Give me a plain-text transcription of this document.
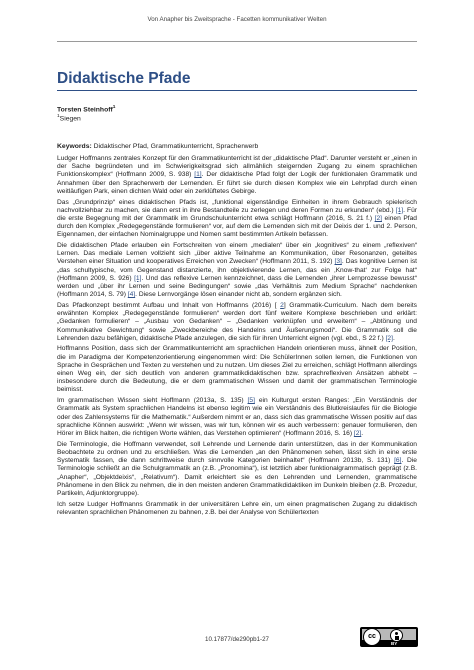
Von Anapher bis Zweitsprache - Facetten kommunikativer Welten
Didaktische Pfade
Torsten Steinhoff$^1$
$^1$Siegen
Keywords: Didaktischer Pfad, Grammatikunterricht, Spracherwerb

Ludger Hoffmanns zentrales Konzept für den Grammatikunterricht ist der „didaktische Pfad“. Darunter versteht er „einen in der Sache begründeten und im Schwierigkeitsgrad sich allmählich steigernden Zugang zu einem sprachlichen Funktionskomplex“ (Hoffmann 2009, S. 938) [1]. Der didaktische Pfad folgt der Logik der funktionalen Grammatik und Annahmen über den Spracherwerb der Lernenden. Er führt sie durch diesen Komplex wie ein Lehrpfad durch einen weitläufigen Park, einen dichten Wald oder ein zerklüftetes Gebirge.

Das „Grundprinzip“ eines didaktischen Pfads ist, „funktional eigenständige Einheiten in ihrem Gebrauch spielerisch nachvollziehbar zu machen, sie dann erst in ihre Bestandteile zu zerlegen und deren Formen zu erkunden“ (ebd.) [1]. Für die erste Begegnung mit der Grammatik im Grundschulunterricht etwa schlägt Hoffmann (2016, S. 21 f.) [2] einen Pfad durch den Komplex „Redegegenstände formulieren“ vor, auf dem die Lernenden sich mit der Deixis der 1. und 2. Person, Eigennamen, der einfachen Nominalgruppe und Nomen samt bestimmten Artikeln befassen.

Die didaktischen Pfade erlauben ein Fortschreiten von einem „medialen“ über ein „kognitives“ zu einem „reflexiven“ Lernen. Das mediale Lernen vollzieht sich „über aktive Teilnahme an Kommunikation, über Resonanzen, geteiltes Verstehen einer Situation und kooperatives Erreichen von Zwecken“ (Hoffmann 2011, S. 192) [3]. Das kognitive Lernen ist „das schultypische, vom Gegenstand distanzierte, ihn objektivierende Lernen, das ein ‚Know-that‘ zur Folge hat“ (Hoffmann 2009, S. 926) [1]. Und das reflexive Lernen kennzeichnet, dass die Lernenden „ihrer Lernprozesse bewusst“ werden und „über ihr Lernen und seine Bedingungen“ sowie „das Verhältnis zum Medium Sprache“ nachdenken (Hoffmann 2014, S. 79) [4]. Diese Lernvorgänge lösen einander nicht ab, sondern ergänzen sich.

Das Pfadkonzept bestimmt Aufbau und Inhalt von Hoffmanns (2016) [ 2] Grammatik-Curriculum. Nach dem bereits erwähnten Komplex „Redegegenstände formulieren“ werden dort fünf weitere Komplexe beschrieben und erklärt: „Gedanken formulieren“ – „Ausbau von Gedanken“ – „Gedanken verknüpfen und erweitern“ – „Abtönung und Kommunikative Gewichtung“ sowie „Zweckbereiche des Handelns und Äußerungsmodi“. Die Grammatik soll die Lehrenden dazu befähigen, didaktische Pfade anzulegen, die sich für ihren Unterricht eignen (vgl. ebd., S 22 f.) [2].

Hoffmanns Position, dass sich der Grammatikunterricht am sprachlichen Handeln orientieren muss, ähnelt der Position, die im Paradigma der Kompetenzorientierung eingenommen wird: Die SchülerInnen sollen lernen, die Funktionen von Sprache in Gesprächen und Texten zu verstehen und zu nutzen. Um dieses Ziel zu erreichen, schlägt Hoffmann allerdings einen Weg ein, der sich deutlich von anderen grammatikdidaktischen bzw. sprachreflexiven Ansätzen abhebt – insbesondere durch die Bedeutung, die er dem grammatischen Wissen und damit der grammatischen Terminologie beimisst.

Im grammatischen Wissen sieht Hoffmann (2013a, S. 135) [5] ein Kulturgut ersten Ranges: „Ein Verständnis der Grammatik als System sprachlichen Handelns ist ebenso legitim wie ein Verständnis des Blutkreislaufes für die Biologie oder des Zahlensystems für die Mathematik.“ Außerdem nimmt er an, dass sich das grammatische Wissen positiv auf das sprachliche Können auswirkt: „Wenn wir wissen, was wir tun, können wir es auch verbessern: genauer formulieren, den Hörer im Blick halten, die richtigen Worte wählen, das Verstehen optimieren“ (Hoffmann 2016, S. 16) [2].

Die Terminologie, die Hoffmann verwendet, soll Lehrende und Lernende darin unterstützen, das in der Kommunikation Beobachtete zu ordnen und zu erschließen. Was die Lernenden „an den Phänomenen sehen, lässt sich in eine erste Systematik fassen, die dann schrittweise durch sinnvolle Kategorien beinhaltet“ (Hoffmann 2013b, S. 131) [6]. Die Terminologie schließt an die Schulgrammatik an (z.B. „Pronomina“), ist letztlich aber funktionalgrammatisch geprägt (z.B. „Anapher“, „Objektdeixis“, „Relativum“). Damit erleichtert sie es den Lehrenden und Lernenden, grammatische Phänomene in den Blick zu nehmen, die in den meisten anderen Grammatikdidaktiken im Dunkeln bleiben (z.B. Prozedur, Partikeln, Adjunktorgruppe).

Ich setze Ludger Hoffmanns Grammatik in der universitären Lehre ein, um einen pragmatischen Zugang zu didaktisch relevanten sprachlichen Phänomenen zu bahnen, z.B. bei der Analyse von Schülertexten

10.17877/de290pb1-27	cc
BY
